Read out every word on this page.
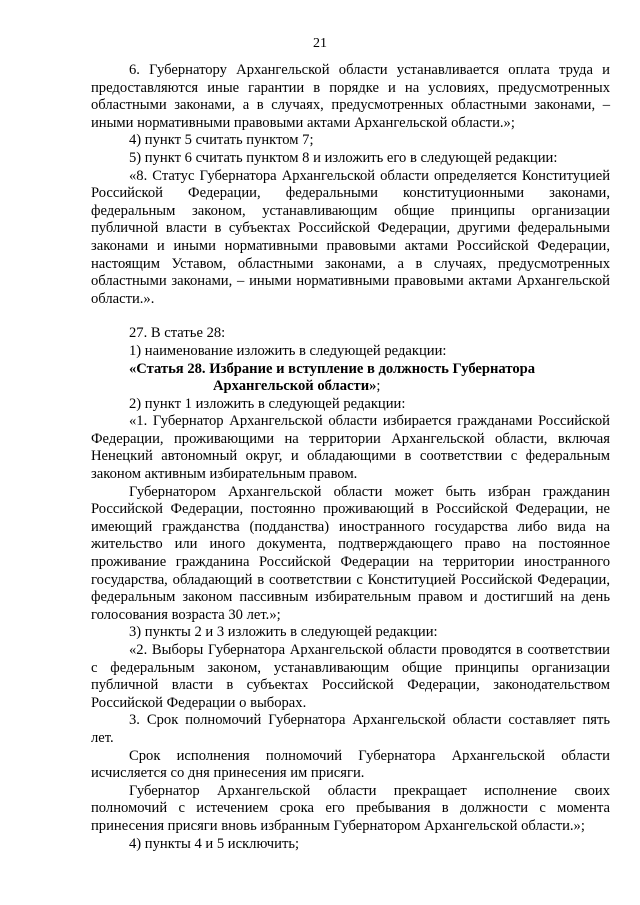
21

6. Губернатору Архангельской области устанавливается оплата труда и предоставляются иные гарантии в порядке и на условиях, предусмотренных областными законами, а в случаях, предусмотренных областными законами, – иными нормативными правовыми актами Архангельской области.»;

4) пункт 5 считать пунктом 7;

5) пункт 6 считать пунктом 8 и изложить его в следующей редакции:

«8. Статус Губернатора Архангельской области определяется Конституцией Российской Федерации, федеральными конституционными законами, федеральным законом, устанавливающим общие принципы организации публичной власти в субъектах Российской Федерации, другими федеральными законами и иными нормативными правовыми актами Российской Федерации, настоящим Уставом, областными законами, а в случаях, предусмотренных областными законами, – иными нормативными правовыми актами Архангельской области.».

27. В статье 28:

1) наименование изложить в следующей редакции:

«Статья 28. Избрание и вступление в должность Губернатора

Архангельской области»;

2) пункт 1 изложить в следующей редакции:

«1. Губернатор Архангельской области избирается гражданами Российской Федерации, проживающими на территории Архангельской области, включая Ненецкий автономный округ, и обладающими в соответствии с федеральным законом активным избирательным правом.

Губернатором Архангельской области может быть избран гражданин Российской Федерации, постоянно проживающий в Российской Федерации, не имеющий гражданства (подданства) иностранного государства либо вида на жительство или иного документа, подтверждающего право на постоянное проживание гражданина Российской Федерации на территории иностранного государства, обладающий в соответствии с Конституцией Российской Федерации, федеральным законом пассивным избирательным правом и достигший на день голосования возраста 30 лет.»;

3) пункты 2 и 3 изложить в следующей редакции:

«2. Выборы Губернатора Архангельской области проводятся в соответствии с федеральным законом, устанавливающим общие принципы организации публичной власти в субъектах Российской Федерации, законодательством Российской Федерации о выборах.

3. Срок полномочий Губернатора Архангельской области составляет пять лет.

Срок исполнения полномочий Губернатора Архангельской области исчисляется со дня принесения им присяги.

Губернатор Архангельской области прекращает исполнение своих полномочий с истечением срока его пребывания в должности с момента принесения присяги вновь избранным Губернатором Архангельской области.»;

4) пункты 4 и 5 исключить;
